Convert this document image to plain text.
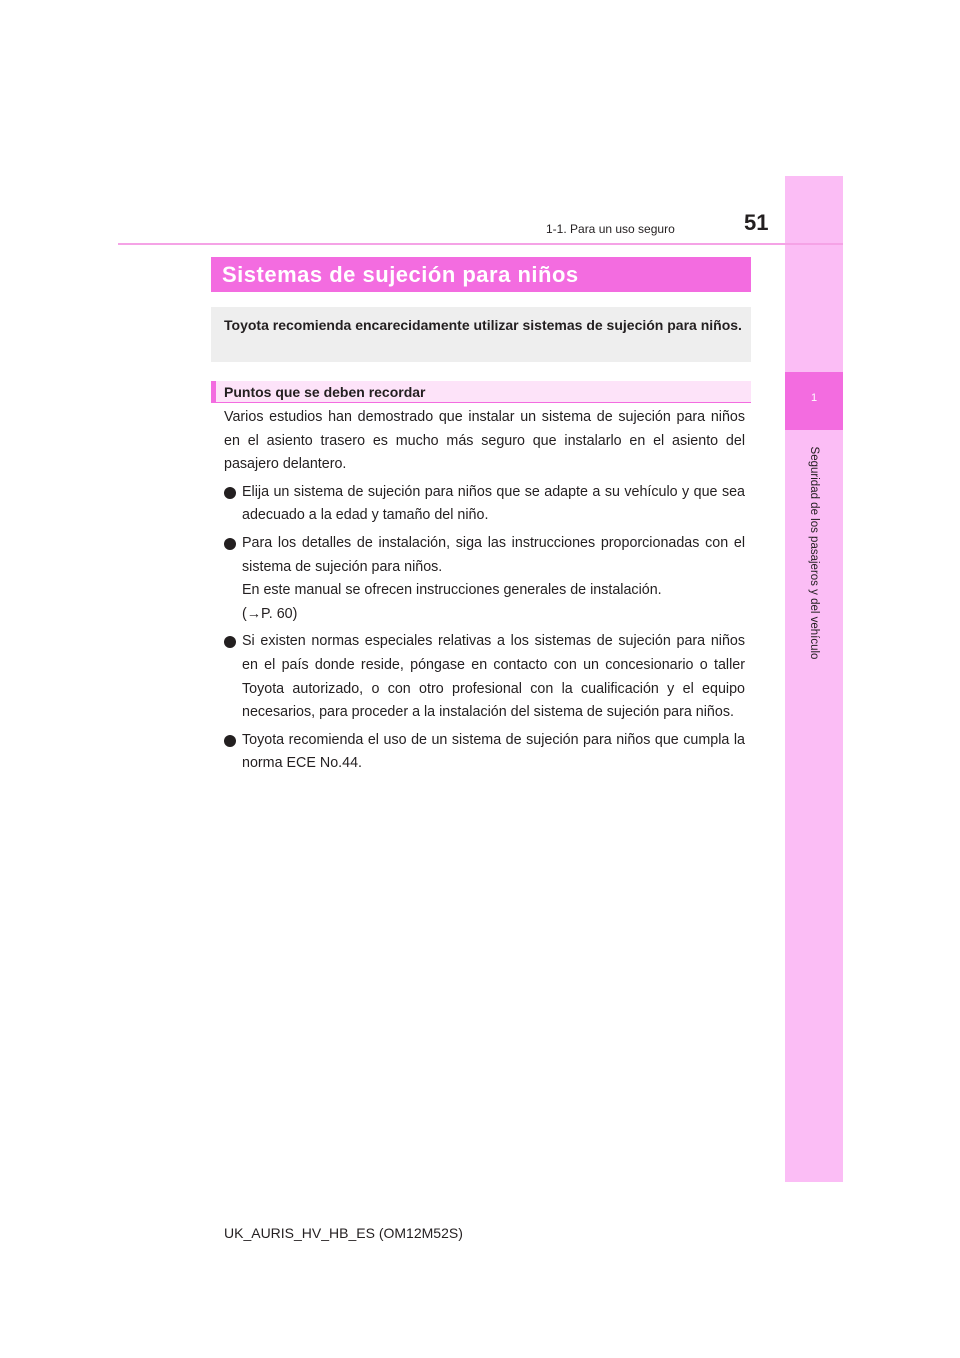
1
Seguridad de los pasajeros y del vehículo
1-1. Para un uso seguro	51
Sistemas de sujeción para niños
Toyota recomienda encarecidamente utilizar sistemas de sujeción para niños.
Puntos que se deben recordar

Varios estudios han demostrado que instalar un sistema de sujeción para niños en el asiento trasero es mucho más seguro que instalarlo en el asiento del pasajero delantero.

Elija un sistema de sujeción para niños que se adapte a su vehículo y que sea adecuado a la edad y tamaño del niño.
Para los detalles de instalación, siga las instrucciones proporcionadas con el sistema de sujeción para niños.
En este manual se ofrecen instrucciones generales de instalación.
(→P. 60)
Si existen normas especiales relativas a los sistemas de sujeción para niños en el país donde reside, póngase en contacto con un concesionario o taller Toyota autorizado, o con otro profesional con la cualificación y el equipo necesarios, para proceder a la instalación del sistema de sujeción para niños.
Toyota recomienda el uso de un sistema de sujeción para niños que cumpla la norma ECE No.44.
UK_AURIS_HV_HB_ES (OM12M52S)
